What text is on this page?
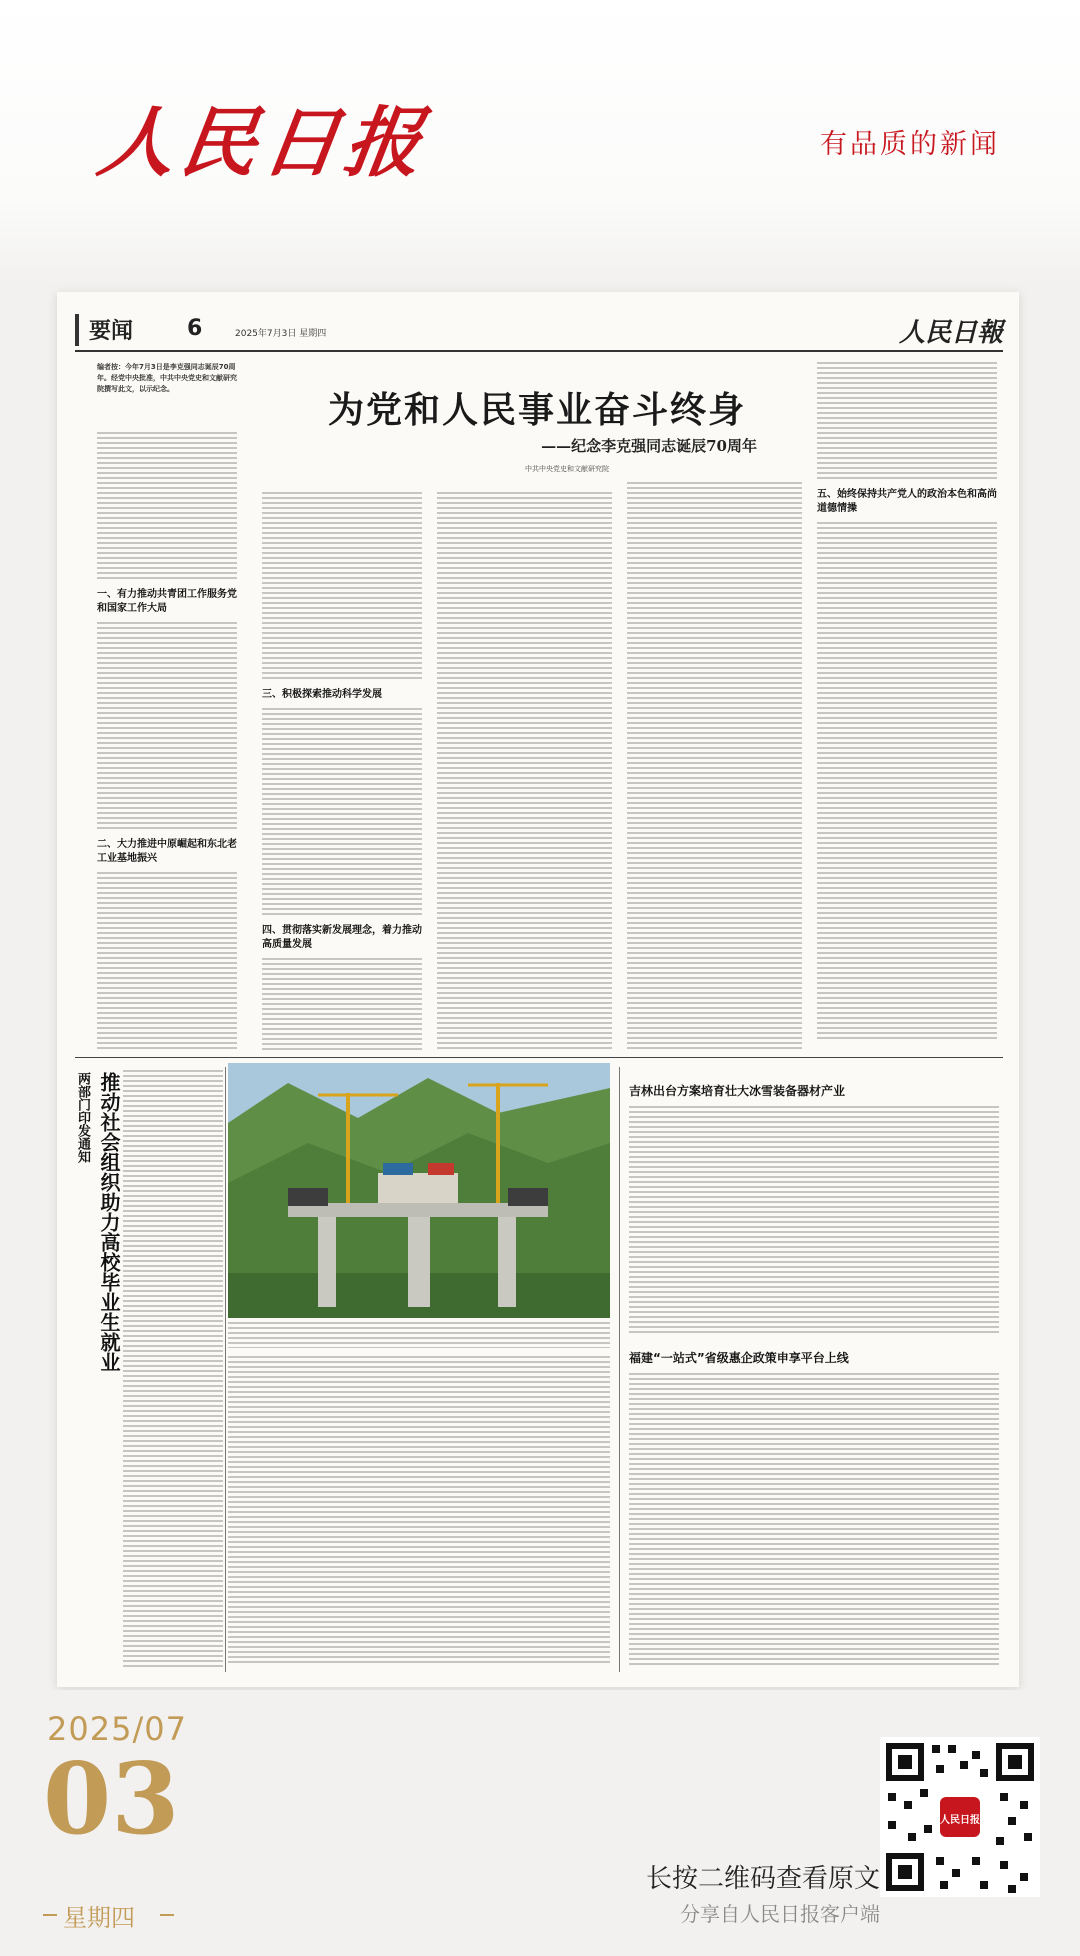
人民日报	有品质的新闻
要闻 6	2025年7月3日 星期四	人民日報
编者按：今年7月3日是李克强同志诞辰70周年。经党中央批准，中共中央党史和文献研究院撰写此文，以示纪念。	为党和人民事业奋斗终身
——纪念李克强同志诞辰70周年
中共中央党史和文献研究院
一、有力推动共青团工作服务党和国家工作大局
二、大力推进中原崛起和东北老工业基地振兴
三、积极探索推动科学发展
四、贯彻落实新发展理念，着力推动高质量发展
五、始终保持共产党人的政治本色和高尚道德情操
两部门印发通知 推动社会组织助力高校毕业生就业	吉林出台方案培育壮大冰雪装备器材产业
福建“一站式”省级惠企政策申享平台上线
2025/07
03
星期四
长按二维码查看原文
分享自人民日报客户端
人民日报
